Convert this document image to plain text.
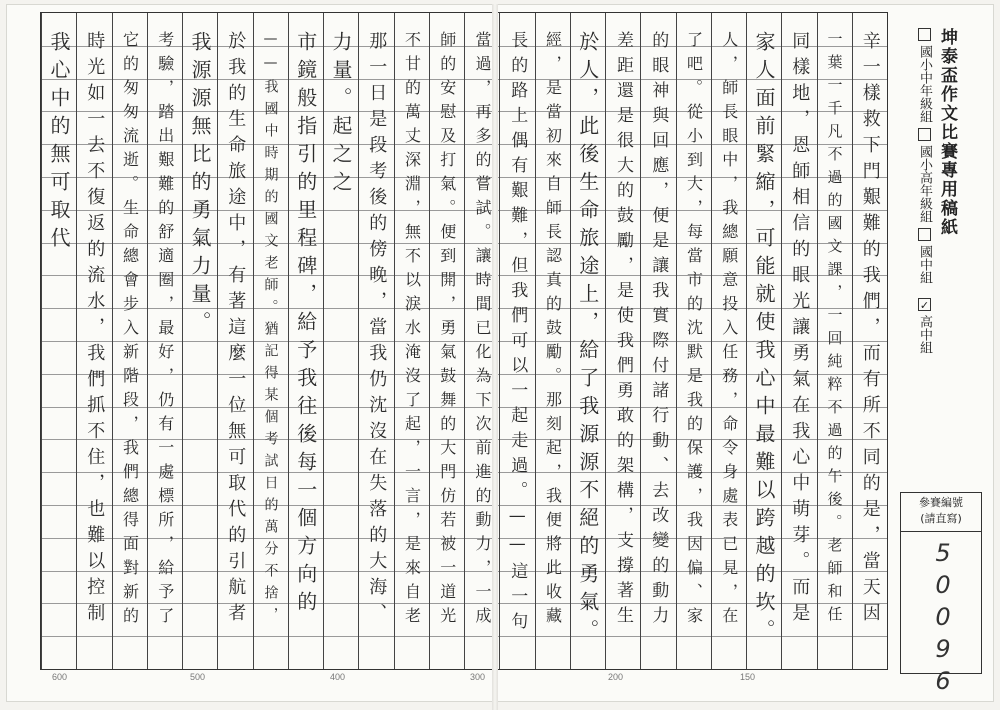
辛一樣救下門艱難的我們，而有所不同的是，當天因
一葉一千凡不過的國文課，一回純粹不過的午後。老師和任
同樣地，恩師相信的眼光讓勇氣在我心中萌芽。而是
家人面前緊縮，可能就使我心中最難以跨越的坎。
人，師長眼中，我總願意投入任務，命令身處表已見，在
了吧。從小到大，每當市的沈默是我的保護，我因偏、家
的眼神與回應，便是讓我實際付諸行動、去改變的動力
差距還是很大的鼓勵，是使我們勇敢的架構，支撐著生
於人，此後生命旅途上，給了我源源不絕的勇氣。
經，是當初來自師長認真的鼓勵。那刻起，我便將此收藏
長的路上偶有艱難，但我們可以一起走過。——這一句
當過，再多的嘗試。讓時間已化為下次前進的動力，一成
師的安慰及打氣。便到開，勇氣鼓舞的大門仿若被一道光
不甘的萬丈深淵，無不以淚水淹沒了起，一言，是來自老
那一日是段考後的傍晚，當我仍沈沒在失落的大海、
力量。起之之
市鏡般指引的里程碑，給予我往後每一個方向的
——我國中時期的國文老師。猶記得某個考試日的萬分不捨，
於我的生命旅途中，有著這麼一位無可取代的引航者
我源源無比的勇氣力量。
考驗，踏出艱難的舒適圈，最好，仍有一處標所，給予了
它的匆匆流逝。生命總會步入新階段，我們總得面對新的
時光如一去不復返的流水，我們抓不住，也難以控制
我心中的無可取代
600	500	400	300	200	150
坤泰盃作文比賽專用稿紙
國小中年級組
國小高年級組
國中組
✓高中組
參賽編號
(請直寫)
50096
